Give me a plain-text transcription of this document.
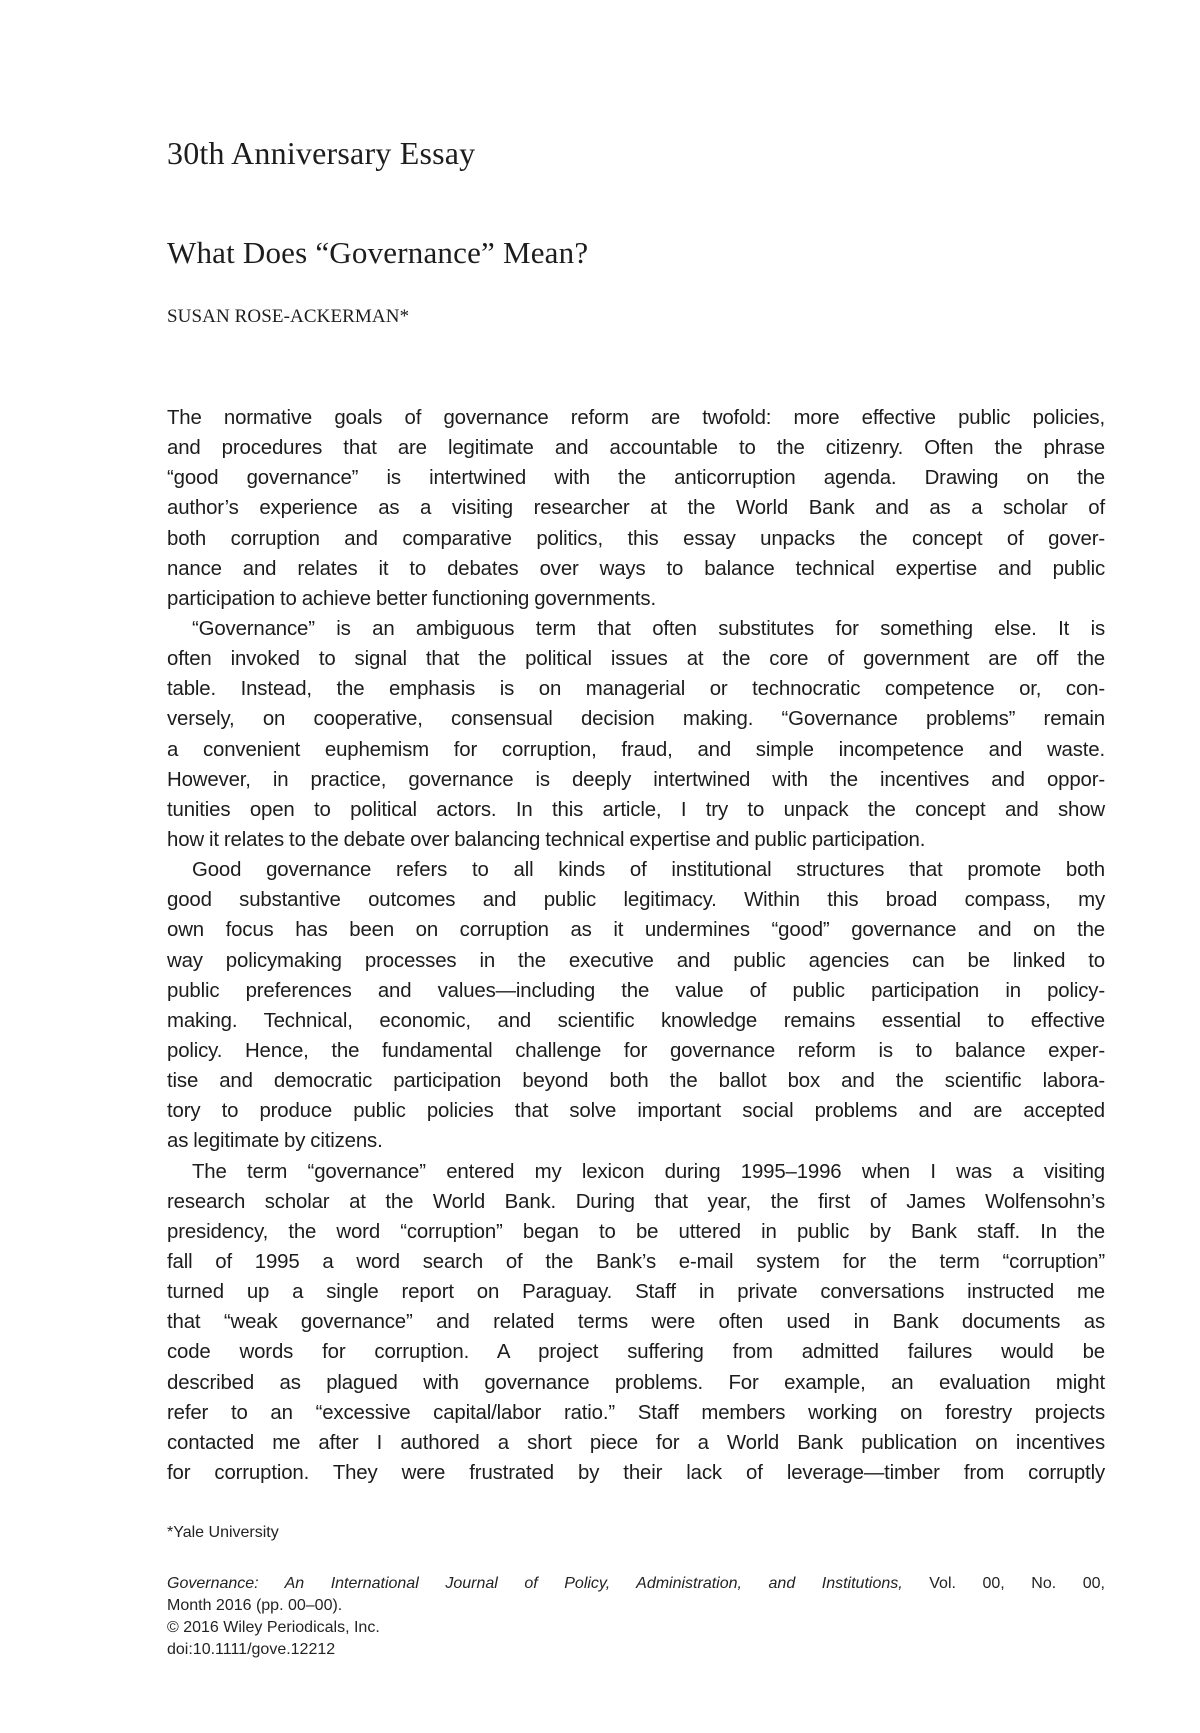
30th Anniversary Essay
What Does “Governance” Mean?
SUSAN ROSE-ACKERMAN*

The normative goals of governance reform are twofold: more effective public policies,
and procedures that are legitimate and accountable to the citizenry. Often the phrase
“good governance” is intertwined with the anticorruption agenda. Drawing on the
author’s experience as a visiting researcher at the World Bank and as a scholar of
both corruption and comparative politics, this essay unpacks the concept of gover-
nance and relates it to debates over ways to balance technical expertise and public
participation to achieve better functioning governments.

“Governance” is an ambiguous term that often substitutes for something else. It is
often invoked to signal that the political issues at the core of government are off the
table. Instead, the emphasis is on managerial or technocratic competence or, con-
versely, on cooperative, consensual decision making. “Governance problems” remain
a convenient euphemism for corruption, fraud, and simple incompetence and waste.
However, in practice, governance is deeply intertwined with the incentives and oppor-
tunities open to political actors. In this article, I try to unpack the concept and show
how it relates to the debate over balancing technical expertise and public participation.

Good governance refers to all kinds of institutional structures that promote both
good substantive outcomes and public legitimacy. Within this broad compass, my
own focus has been on corruption as it undermines “good” governance and on the
way policymaking processes in the executive and public agencies can be linked to
public preferences and values—including the value of public participation in policy-
making. Technical, economic, and scientific knowledge remains essential to effective
policy. Hence, the fundamental challenge for governance reform is to balance exper-
tise and democratic participation beyond both the ballot box and the scientific labora-
tory to produce public policies that solve important social problems and are accepted
as legitimate by citizens.

The term “governance” entered my lexicon during 1995–1996 when I was a visiting
research scholar at the World Bank. During that year, the first of James Wolfensohn’s
presidency, the word “corruption” began to be uttered in public by Bank staff. In the
fall of 1995 a word search of the Bank’s e-mail system for the term “corruption”
turned up a single report on Paraguay. Staff in private conversations instructed me
that “weak governance” and related terms were often used in Bank documents as
code words for corruption. A project suffering from admitted failures would be
described as plagued with governance problems. For example, an evaluation might
refer to an “excessive capital/labor ratio.” Staff members working on forestry projects
contacted me after I authored a short piece for a World Bank publication on incentives
for corruption. They were frustrated by their lack of leverage—timber from corruptly

*Yale University
Governance: An International Journal of Policy, Administration, and Institutions, Vol. 00, No. 00,
Month 2016 (pp. 00–00).
© 2016 Wiley Periodicals, Inc.
doi:10.1111/gove.12212
